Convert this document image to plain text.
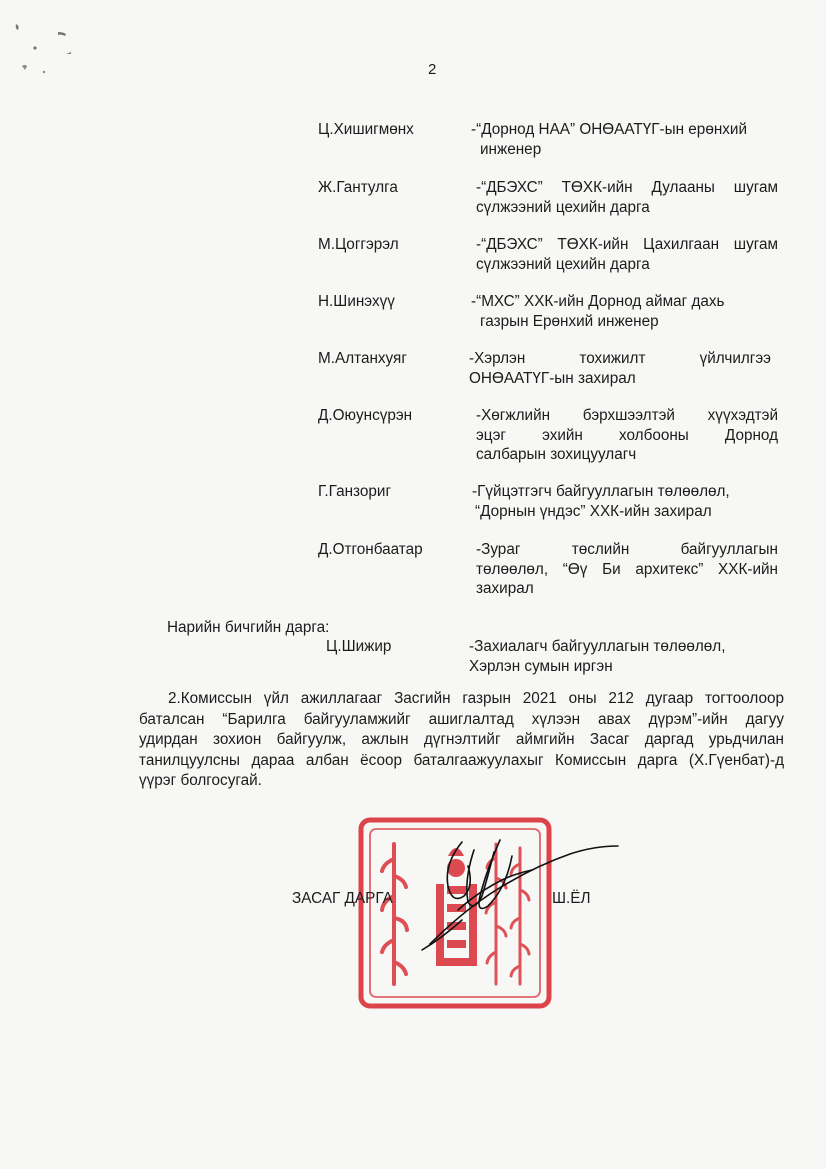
2
Ц.Хишигмөнх	-“Дорнод НАА” ОНӨААТҮГ-ын ерөнхий
инженер
Ж.Гантулга	-“ДБЭХС” ТӨХК-ийн Дулааны шугам
сүлжээний цехийн дарга
М.Цоггэрэл	-“ДБЭХС” ТӨХК-ийн Цахилгаан шугам
сүлжээний цехийн дарга
Н.Шинэхүү	-“МХС” ХХК-ийн Дорнод аймаг дахь
газрын Ерөнхий инженер
М.Алтанхуяг	-Хэрлэн тохижилт үйлчилгээ
ОНӨААТҮГ-ын захирал
Д.Оюунсүрэн	-Хөгжлийн бэрхшээлтэй хүүхэдтэй
эцэг эхийн холбооны Дорнод
салбарын зохицуулагч
Г.Ганзориг	-Гүйцэтгэгч байгууллагын төлөөлөл,
“Дорнын үндэс” ХХК-ийн захирал
Д.Отгонбаатар	-Зураг төслийн байгууллагын
төлөөлөл, “Өү Би архитекс” ХХК-ийн
захирал
Нарийн бичгийн дарга:
Ц.Шижир	-Захиалагч байгууллагын төлөөлөл,
Хэрлэн сумын иргэн
2.Комиссын үйл ажиллагааг Засгийн газрын 2021 оны 212 дугаар тогтоолоор
баталсан “Барилга байгууламжийг ашиглалтад хүлээн авах дүрэм”-ийн дагуу
удирдан зохион байгуулж, ажлын дүгнэлтийг аймгийн Засаг даргад урьдчилан
танилцуулсны дараа албан ёсоор баталгаажуулахыг Комиссын дарга (Х.Гүенбат)-д
үүрэг болгосугай.
ЗАСАГ ДАРГА	Ш.ЁЛ
